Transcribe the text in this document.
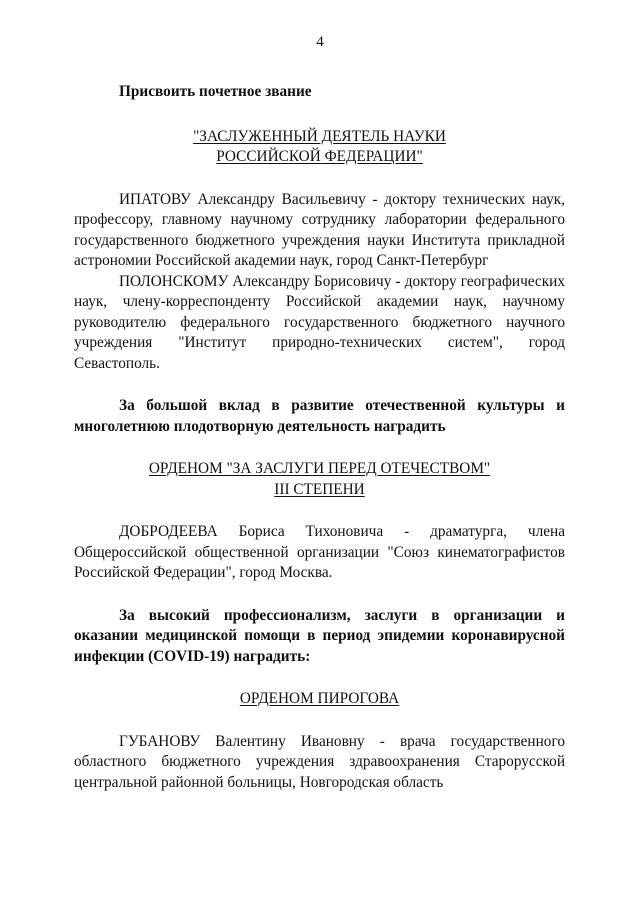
4

Присвоить почетное звание

"ЗАСЛУЖЕННЫЙ ДЕЯТЕЛЬ НАУКИ
РОССИЙСКОЙ ФЕДЕРАЦИИ"

ИПАТОВУ Александру Васильевичу - доктору технических наук, профессору, главному научному сотруднику лаборатории федерального государственного бюджетного учреждения науки Института прикладной астрономии Российской академии наук, город Санкт-Петербург

ПОЛОНСКОМУ Александру Борисовичу - доктору географических наук, члену-корреспонденту Российской академии наук, научному руководителю федерального государственного бюджетного научного учреждения "Институт природно-технических систем", город Севастополь.

За большой вклад в развитие отечественной культуры и многолетнюю плодотворную деятельность наградить

ОРДЕНОМ "ЗА ЗАСЛУГИ ПЕРЕД ОТЕЧЕСТВОМ"
III СТЕПЕНИ

ДОБРОДЕЕВА Бориса Тихоновича - драматурга, члена Общероссийской общественной организации "Союз кинематографистов Российской Федерации", город Москва.

За высокий профессионализм, заслуги в организации и оказании медицинской помощи в период эпидемии коронавирусной инфекции (COVID-19) наградить:

ОРДЕНОМ ПИРОГОВА

ГУБАНОВУ Валентину Ивановну - врача государственного областного бюджетного учреждения здравоохранения Старорусской центральной районной больницы, Новгородская область
